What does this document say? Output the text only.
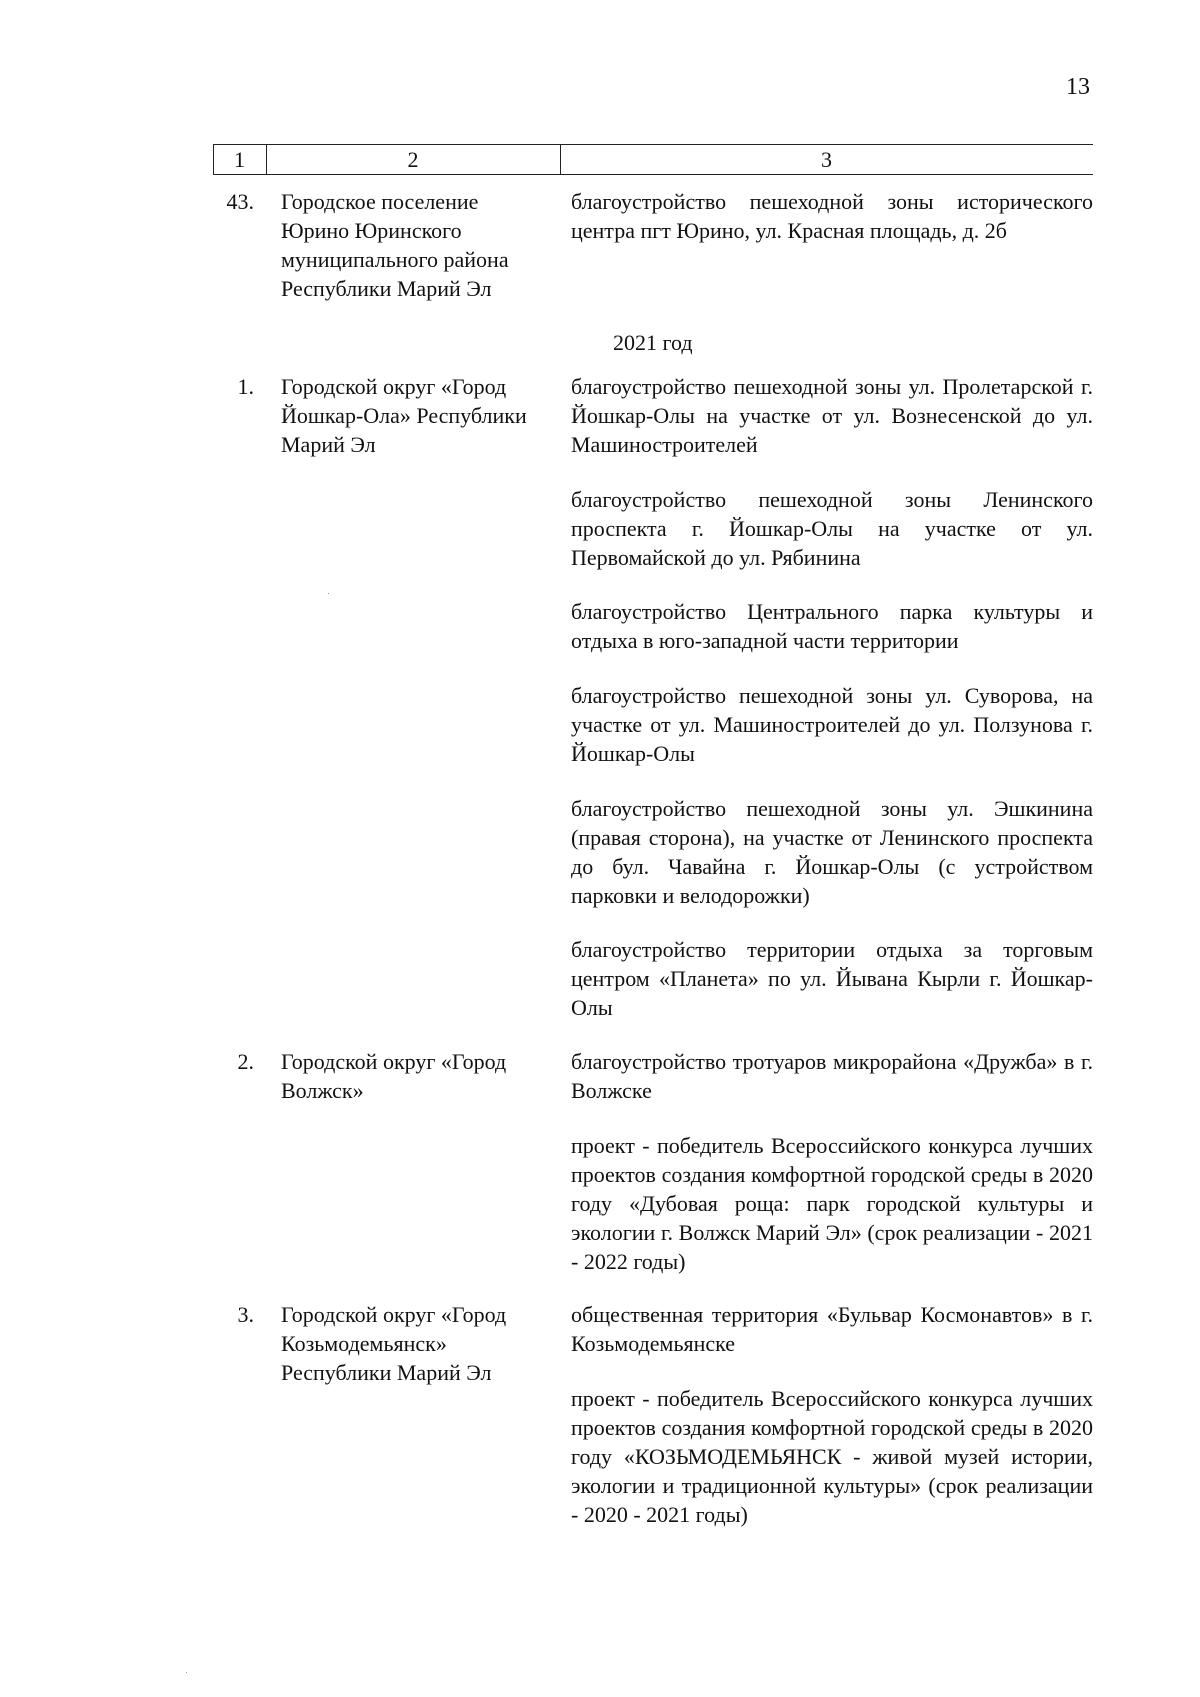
13
1	2	3
43. Городское поселение Юрино Юринского муниципального района Республики Марий Эл
благоустройство пешеходной зоны исторического центра пгт Юрино, ул. Красная площадь, д. 2б
2021 год
1. Городской округ «Город Йошкар-Ола» Республики Марий Эл
благоустройство пешеходной зоны ул. Пролетарской г. Йошкар-Олы на участке от ул. Вознесенской до ул. Машиностроителей
благоустройство пешеходной зоны Ленинского проспекта г. Йошкар-Олы на участке от ул. Первомайской до ул. Рябинина
благоустройство Центрального парка культуры и отдыха в юго-западной части территории
благоустройство пешеходной зоны ул. Суворова, на участке от ул. Машиностроителей до ул. Ползунова г. Йошкар-Олы
благоустройство пешеходной зоны ул. Эшкинина (правая сторона), на участке от Ленинского проспекта до бул. Чавайна г. Йошкар-Олы (с устройством парковки и велодорожки)
благоустройство территории отдыха за торговым центром «Планета» по ул. Йывана Кырли г. Йошкар-Олы
2. Городской округ «Город Волжск»
благоустройство тротуаров микрорайона «Дружба» в г. Волжске
проект - победитель Всероссийского конкурса лучших проектов создания комфортной городской среды в 2020 году «Дубовая роща: парк городской культуры и экологии г. Волжск Марий Эл» (срок реализации - 2021 - 2022 годы)
3. Городской округ «Город Козьмодемьянск» Республики Марий Эл
общественная территория «Бульвар Космонавтов» в г. Козьмодемьянске
проект - победитель Всероссийского конкурса лучших проектов создания комфортной городской среды в 2020 году «КОЗЬМОДЕМЬЯНСК - живой музей истории, экологии и традиционной культуры» (срок реализации - 2020 - 2021 годы)
